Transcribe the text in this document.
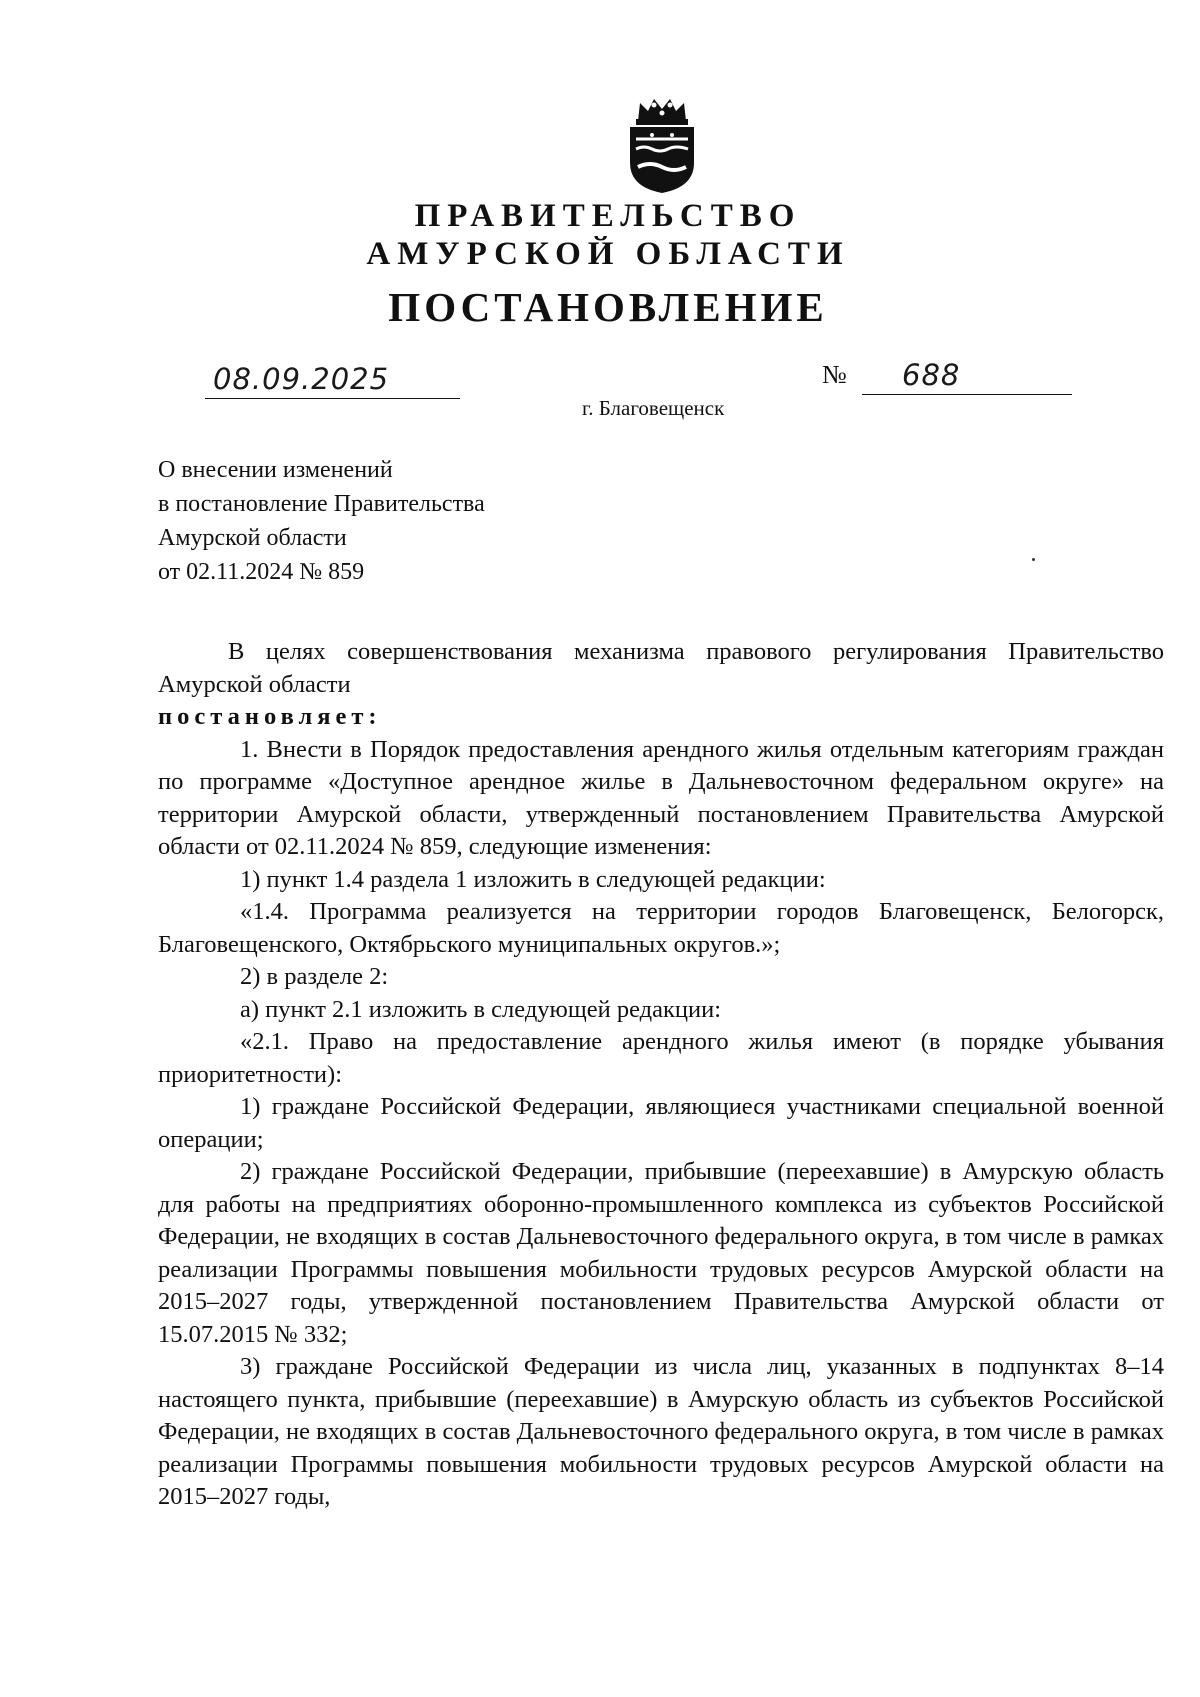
ПРАВИТЕЛЬСТВО
АМУРСКОЙ ОБЛАСТИ
ПОСТАНОВЛЕНИЕ
08.09.2025	№ 688
г. Благовещенск
О внесении изменений
в постановление Правительства
Амурской области
от 02.11.2024 № 859

В целях совершенствования механизма правового регулирования Правительство Амурской области

постановляет:

1. Внести в Порядок предоставления арендного жилья отдельным категориям граждан по программе «Доступное арендное жилье в Дальневосточном федеральном округе» на территории Амурской области, утвержденный постановлением Правительства Амурской области от 02.11.2024 № 859, следующие изменения:

1) пункт 1.4 раздела 1 изложить в следующей редакции:

«1.4. Программа реализуется на территории городов Благовещенск, Белогорск, Благовещенского, Октябрьского муниципальных округов.»;

2) в разделе 2:

а) пункт 2.1 изложить в следующей редакции:

«2.1. Право на предоставление арендного жилья имеют (в порядке убывания приоритетности):

1) граждане Российской Федерации, являющиеся участниками специальной военной операции;

2) граждане Российской Федерации, прибывшие (переехавшие) в Амурскую область для работы на предприятиях оборонно-промышленного комплекса из субъектов Российской Федерации, не входящих в состав Дальневосточного федерального округа, в том числе в рамках реализации Программы повышения мобильности трудовых ресурсов Амурской области на 2015–2027 годы, утвержденной постановлением Правительства Амурской области от 15.07.2015 № 332;

3) граждане Российской Федерации из числа лиц, указанных в подпунктах 8–14 настоящего пункта, прибывшие (переехавшие) в Амурскую область из субъектов Российской Федерации, не входящих в состав Дальневосточного федерального округа, в том числе в рамках реализации Программы повышения мобильности трудовых ресурсов Амурской области на 2015–2027 годы,
